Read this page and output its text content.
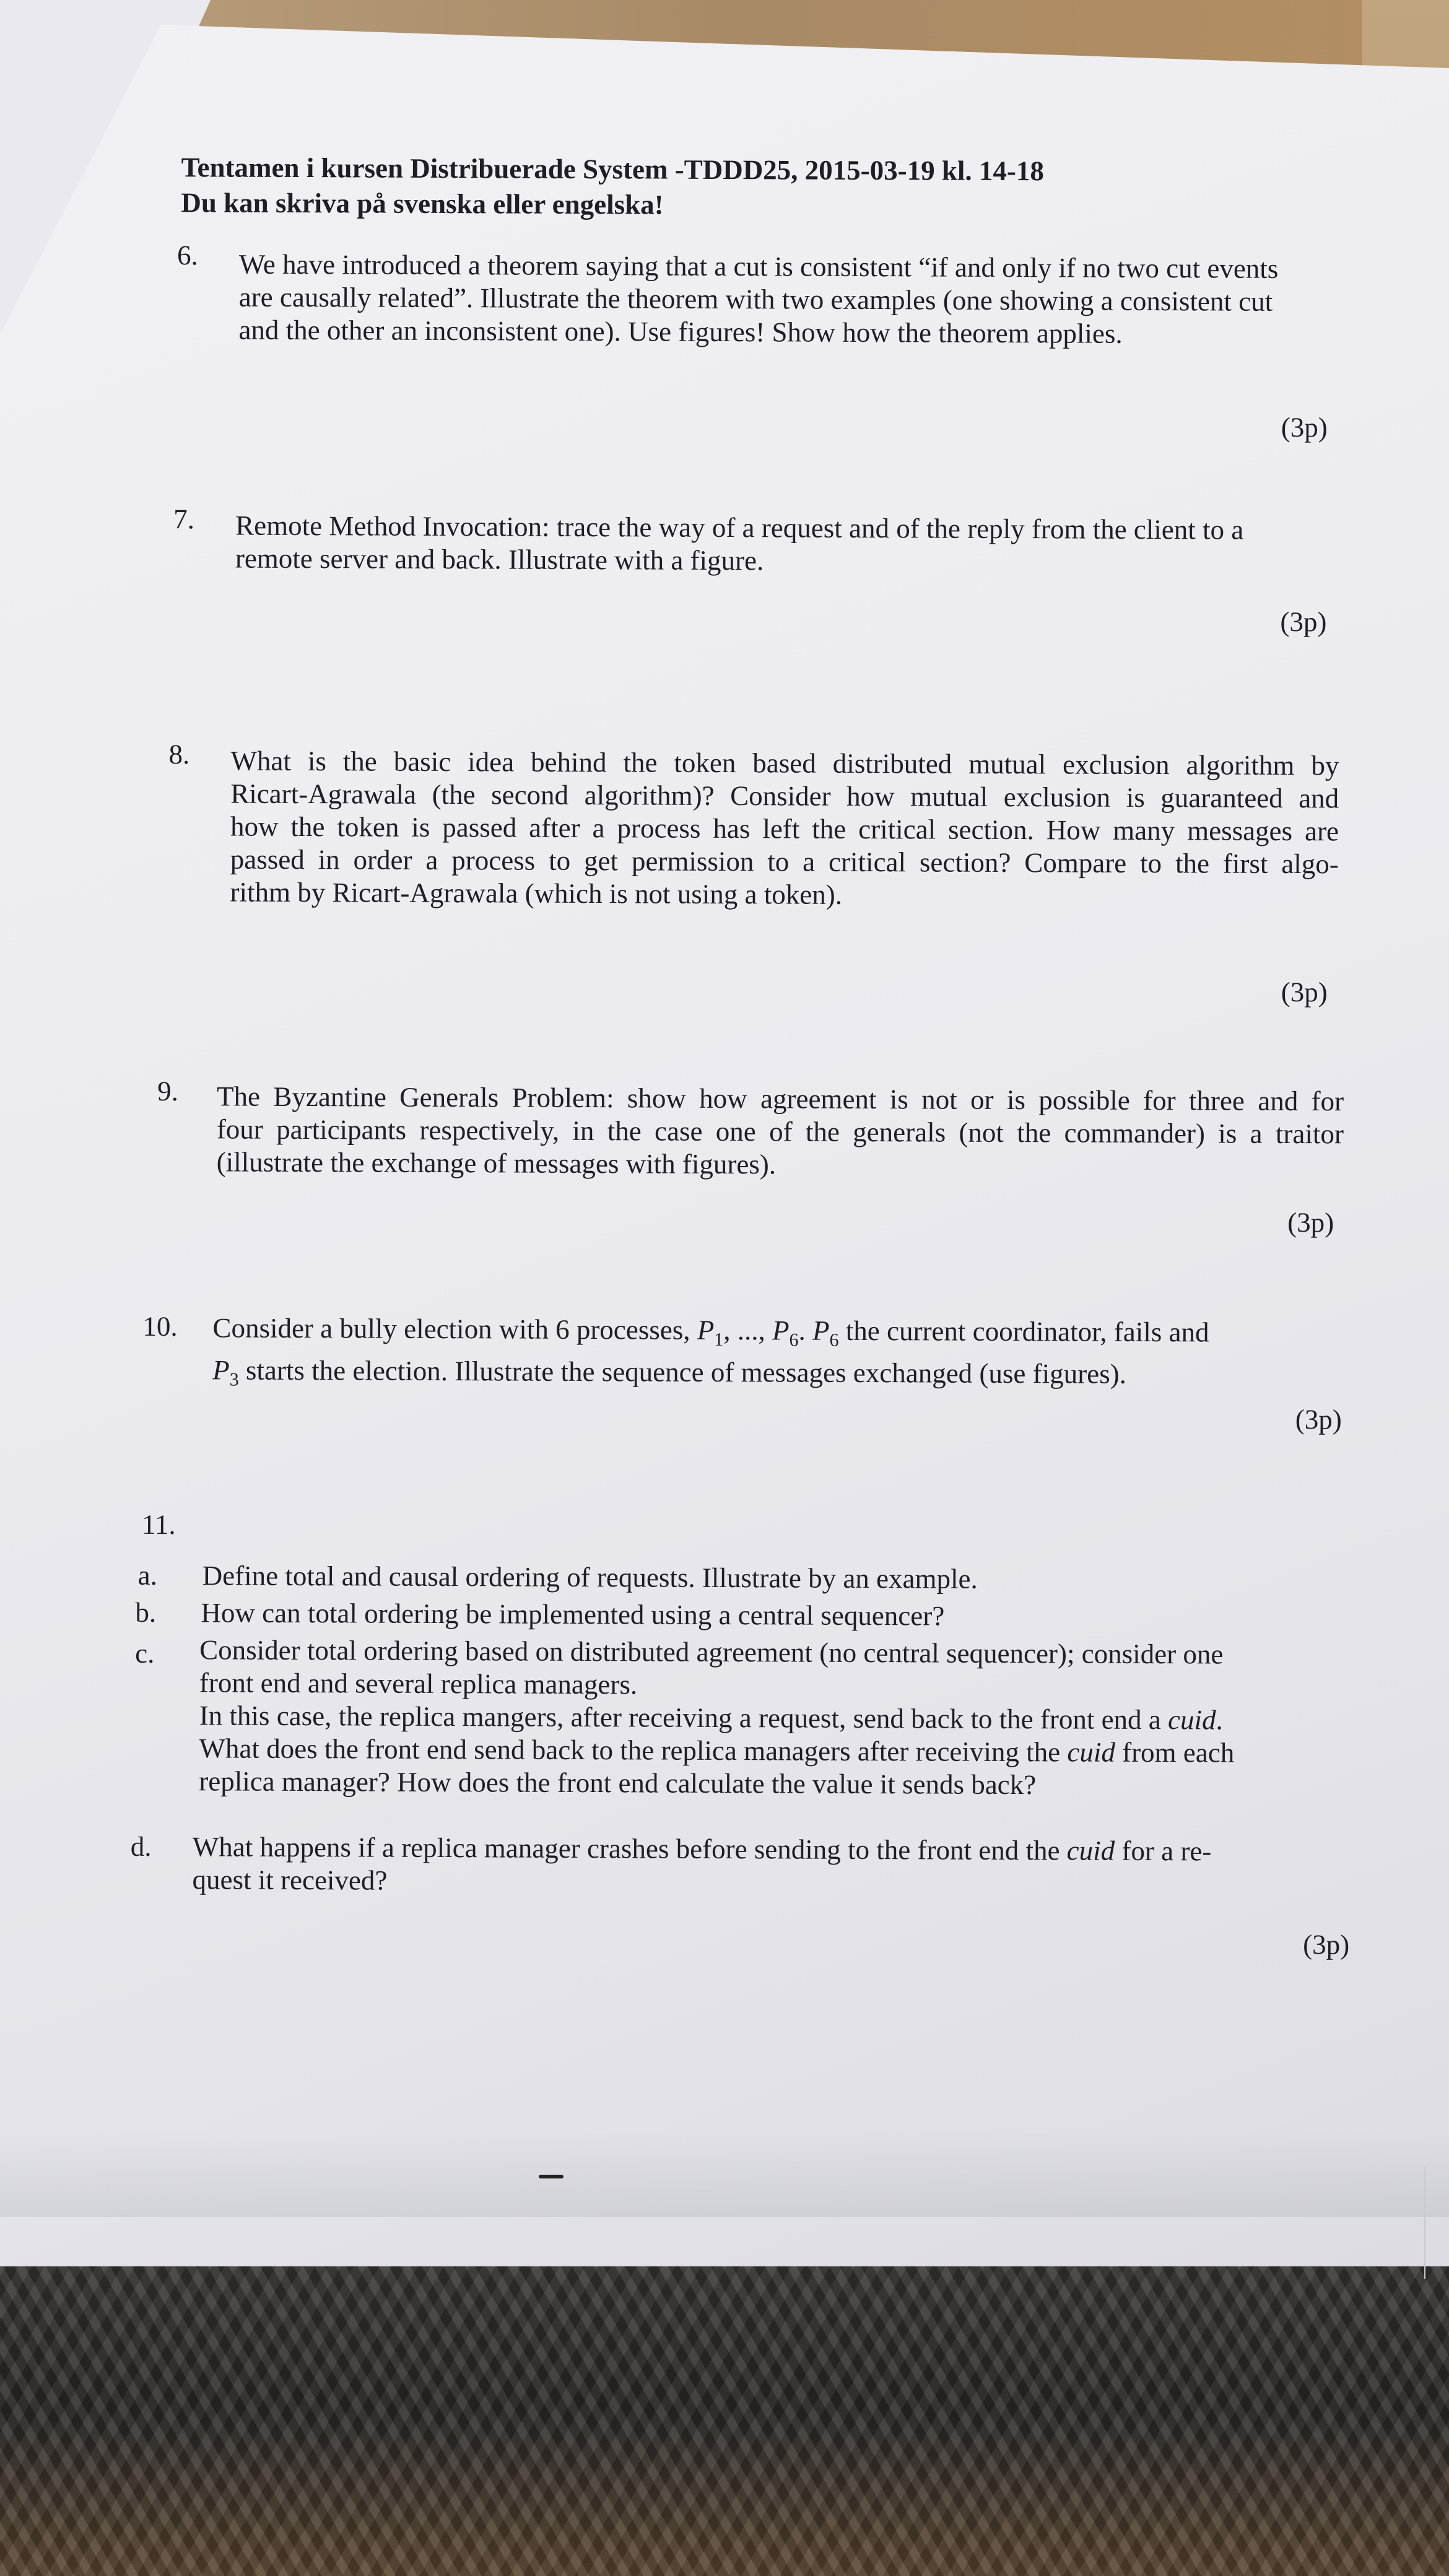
Tentamen i kursen Distribuerade System -TDDD25, 2015-03-19 kl. 14-18
Du kan skriva på svenska eller engelska!
6. We have introduced a theorem saying that a cut is consistent “if and only if no two cut events
are causally related”. Illustrate the theorem with two examples (one showing a consistent cut
and the other an inconsistent one). Use figures! Show how the theorem applies.
(3p)
7. Remote Method Invocation: trace the way of a request and of the reply from the client to a
remote server and back. Illustrate with a figure.
(3p)
8. What is the basic idea behind the token based distributed mutual exclusion algorithm by
Ricart-Agrawala (the second algorithm)? Consider how mutual exclusion is guaranteed and
how the token is passed after a process has left the critical section. How many messages are
passed in order a process to get permission to a critical section? Compare to the first algo-
rithm by Ricart-Agrawala (which is not using a token).
(3p)
9. The Byzantine Generals Problem: show how agreement is not or is possible for three and for
four participants respectively, in the case one of the generals (not the commander) is a traitor
(illustrate the exchange of messages with figures).
(3p)
10. Consider a bully election with 6 processes, $P_1$, ..., $P_6$. $P_6$ the current coordinator, fails and
$P_3$ starts the election. Illustrate the sequence of messages exchanged (use figures).
(3p)
11.
a. Define total and causal ordering of requests. Illustrate by an example.
b. How can total ordering be implemented using a central sequencer?
c. Consider total ordering based on distributed agreement (no central sequencer); consider one
front end and several replica managers.
In this case, the replica mangers, after receiving a request, send back to the front end a cuid.
What does the front end send back to the replica managers after receiving the cuid from each
replica manager? How does the front end calculate the value it sends back?
d. What happens if a replica manager crashes before sending to the front end the cuid for a re-
quest it received?
(3p)
